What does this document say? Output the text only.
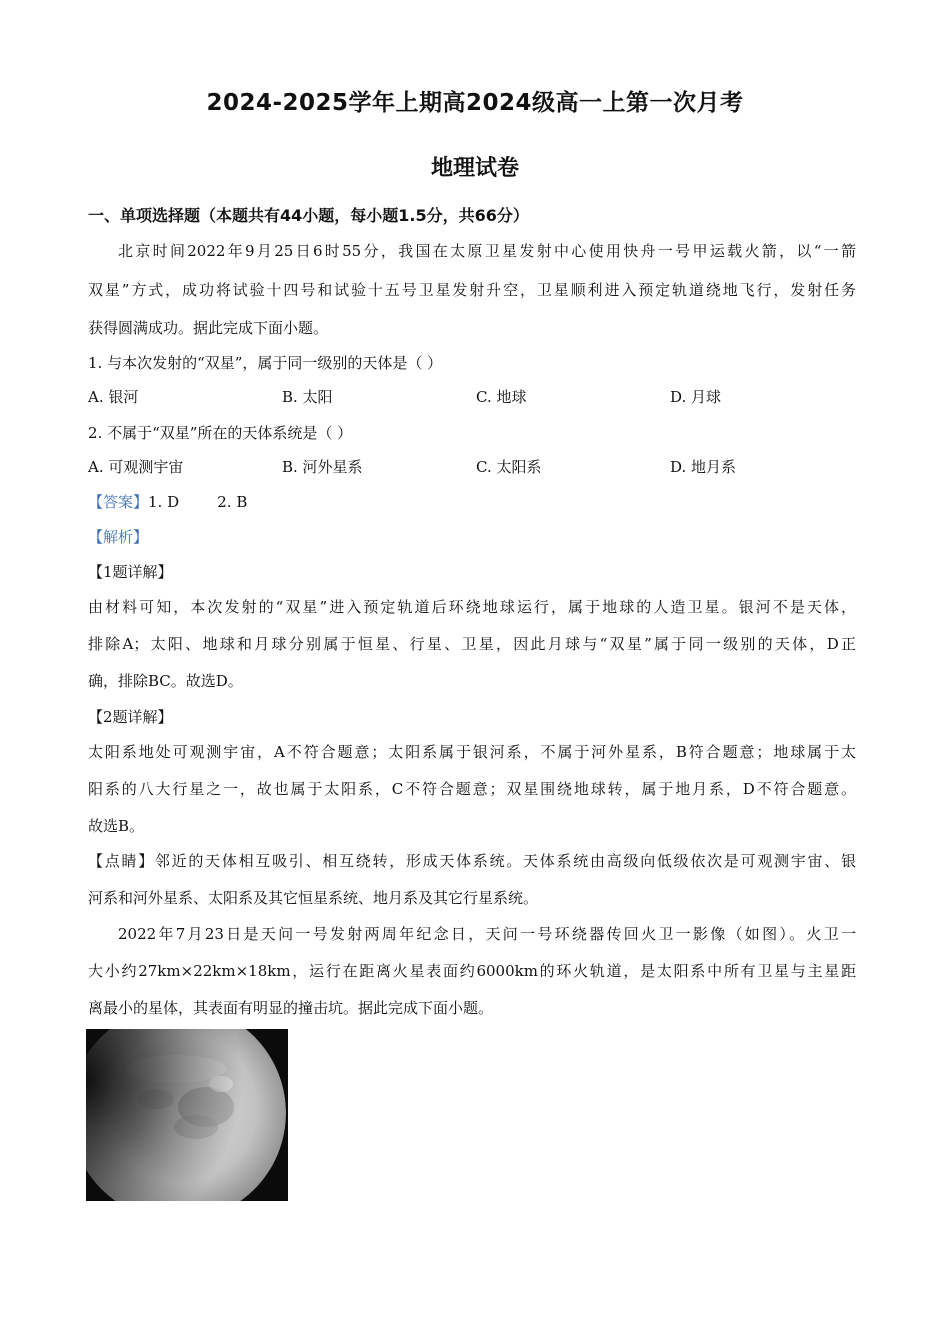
2024-2025学年上期高2024级高一上第一次月考
地理试卷
一、单项选择题（本题共有44小题，每小题1.5分，共66分）
北京时间2022年9月25日6时55分，我国在太原卫星发射中心使用快舟一号甲运载火箭，以“一箭
双星”方式，成功将试验十四号和试验十五号卫星发射升空，卫星顺利进入预定轨道绕地飞行，发射任务
获得圆满成功。据此完成下面小题。
1. 与本次发射的“双星”，属于同一级别的天体是（ ）
A. 银河	B. 太阳	C. 地球	D. 月球
2. 不属于“双星”所在的天体系统是（ ）
A. 可观测宇宙	B. 河外星系	C. 太阳系	D. 地月系
【答案】1. D        2. B
【解析】
【1题详解】
由材料可知，本次发射的“双星”进入预定轨道后环绕地球运行，属于地球的人造卫星。银河不是天体，
排除A；太阳、地球和月球分别属于恒星、行星、卫星，因此月球与“双星”属于同一级别的天体，D正
确，排除BC。故选D。
【2题详解】
太阳系地处可观测宇宙，A不符合题意；太阳系属于银河系，不属于河外星系，B符合题意；地球属于太
阳系的八大行星之一，故也属于太阳系，C不符合题意；双星围绕地球转，属于地月系，D不符合题意。
故选B。
【点睛】邻近的天体相互吸引、相互绕转，形成天体系统。天体系统由高级向低级依次是可观测宇宙、银
河系和河外星系、太阳系及其它恒星系统、地月系及其它行星系统。
2022年7月23日是天问一号发射两周年纪念日，天问一号环绕器传回火卫一影像（如图）。火卫一
大小约27km×22km×18km，运行在距离火星表面约6000km的环火轨道，是太阳系中所有卫星与主星距
离最小的星体，其表面有明显的撞击坑。据此完成下面小题。
